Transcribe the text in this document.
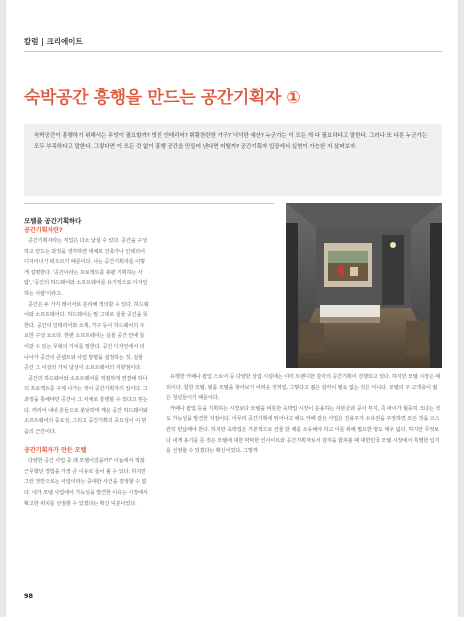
칼럼 | 크리에이트
숙박공간 흥행을 만드는 공간기획자 ①

숙박공간이 흥행하기 위해서는 무엇이 필요할까? 멋진 인테리어? 휘황찬란한 가구? 넉넉한 예산? 누군가는 이 모든 게 다 필요하다고 말한다. 그러나 또 다른 누군가는 모두 부족하다고 말한다. 그렇다면 이 모든 것 없이 흥행 공간을 만들어 낸다면 어떨까? 공간기획자 입장에서 실현이 가능한 지 살펴보자.

모텔을 공간기획하다
공간기획자란?

공간기획자라는 직업은 다소 낯설 수 있다. 공간을 구성하고 만드는 과정을 생각하면 대체로 건축가나 인테리어 디자이너가 떠오르기 때문이다. 나는 공간기획자를 이렇게 설명한다. '공간이라는 프로젝트를 총괄 기획하는 사람', '공간의 하드웨어와 소프트웨어를 유기적으로 디자인하는 사람'이라고.

공간은 두 가지 레이어로 분리해 정의할 수 있다. 하드웨어와 소프트웨어다. 하드웨어는 말 그대로 실물 공간을 뜻한다. 공간의 인테리어와 소재, 가구 등이 하드웨어의 주요한 구성 요소다. 한편 소프트웨어는 실물 공간 안에 들어갈 수 있는 무형의 가치를 말한다. 공간 디자인에서 더 나아가 공간의 콘셉트와 사업 방향을 설정하는 것, 실물 공간 그 이상의 가치 달성이 소프트웨어의 지향점이다.

공간의 하드웨어와 소프트웨어를 적절하게 연결해 하나의 프로젝트를 구체 나가는 것이 공간기획자의 일이다. 그 과정을 통해야만 공간이 그 자체로 흥행할 수 있다고 믿는다. 커리어 내내 흔들으로 붓딪히며 깨운 공간 하드웨어와 소프트웨어의 중요성, 그리고 공간기획의 중요성이 이 믿음의 근간이다.

공간기획자가 만든 모텔

다양한 공간 사업 중 왜 모텔이었을까?' 이놈에서 적잖 근무했던 경험을 가장 큰 이유로 들어 볼 수 있다. 하지만 그런 것만으로는 사업이라는 중대한 사건을 결정할 수 없다. 내가 모텔 사업에서 가능성을 발견한 이유는 시장에서 확고한 위치를 선점할 수 있겠다는 확신 덕분이었다.

유행한 카페나 팝업 스토어 등 다양한 상업 시설에는 이미 트렌디한 감각의 공간기획이 진행되고 있다. 하지만 모텔 시장은 예외이다. 험한 모텔, 뭣품 모텔을 찾아보기 어려운 것처럼, 그렇다고 젊은 감각이 필요 없는 것은 아니다. 모텔의 주 고객층이 젊은 청년들이기 때문이다.

카페나 팝업 등을 기획하는 시장보다 모텔을 비롯한 숙박업 시장이 운용하는 자본금과 공사 부지, 즉 파이가 월등히 크다는 것도 가능성을 발견한 지점이다. 아무리 공간기획에 뛰어나고 해도 카페 같은 사업은 진용주가 소유권을 주장하면 모든 것을 고스란히 빈납해야 한다. 하지만 숙박업은 기본적으로 건물 한 채를 소유해야 하고 이를 위해 필요한 땅도 매우 넓다. 하지만 무엇보다 내게 용기를 준 것은 모텔에 대한 막막한 인사이트와 공간기획자로서 감각을 합쳐볼 때 대한민국 모텔 시장에서 특별한 입지를 선점할 수 있겠다는 확신이었다. 그렇게

98
